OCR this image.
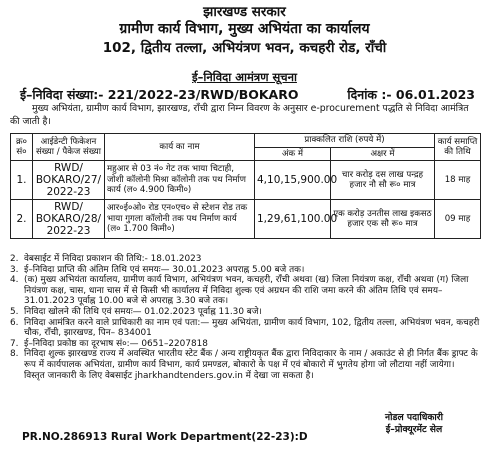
झारखण्ड सरकार
ग्रामीण कार्य विभाग, मुख्य अभियंता का कार्यालय
102, द्वितीय तल्ला, अभियंत्रण भवन, कचहरी रोड, राँची
ई–निविदा आमंत्रण सूचना
ई–निविदा संख्या:- 221/2022-23/RWD/BOKARO	दिनांक :- 06.01.2023
मुख्य अभियंता, ग्रामीण कार्य विभाग, झारखण्ड, राँची द्वारा निम्न विवरण के अनुसार e-procurement पद्धति से निविदा आमंत्रित की जाती है।
क्र० सं०	आईडेन्टी फिकेशन संख्या / पैकेज संख्या	कार्य का नाम	प्राक्कलित राशि (रुपये में)		कार्य समाप्ति की तिथि
			अंक में	अक्षर में	
1.	RWD/ BOKARO/27/ 2022-23	महुआर से 03 नं० गेट तक भाया चिटाही, जोशी कॉलोनी मिश्रा कॉलोनी तक पथ निर्माण कार्य (ल० 4.900 किमी०)	4,10,15,900.00	चार करोड़ दस लाख पन्द्रह हजार नौ सौ रू० मात्र	18 माह
2.	RWD/ BOKARO/28/ 2022-23	आर०ई०ओ० रोड एन०एच० से स्टेशन रोड तक भाया गुगला कॉलोनी तक पथ निर्माण कार्य (ल० 1.700 किमी०)	1,29,61,100.00	एक करोड़ उनतीस लाख इकसठ हजार एक सौ रू० मात्र	09 माह
2. वेबसाईट में निविदा प्रकाशन की तिथि:- 18.01.2023
3. ई–निविदा प्राप्ति की अंतिम तिथि एवं समयः— 30.01.2023 अपराह्न 5.00 बजे तक।
4. (क) मुख्य अभियंता कार्यालय, ग्रामीण कार्य विभाग, अभियंत्रण भवन, कचहरी, राँची अथवा (ख) जिला नियंत्रण कक्ष, राँची अथवा (ग) जिला नियंत्रण कक्ष, चास, धाना चास में से किसी भी कार्यालय में निविदा शुल्क एवं अग्रधन की राशि जमा करने की अंतिम तिथि एवं समय–31.01.2023 पूर्वाह्न 10.00 बजे से अपराह्न 3.30 बजे तक।
5. निविदा खोलने की तिथि एवं समयः— 01.02.2023 पूर्वाह्न 11.30 बजे।
6. निविदा आमंत्रित करने वाले प्राधिकारी का नाम एवं पता:— मुख्य अभियंता, ग्रामीण कार्य विभाग, 102, द्वितीय तल्ला, अभियंत्रण भवन, कचहरी चौक, राँची, झारखण्ड, पिन– 834001
7. ई–निविदा प्रकोष्ठ का दूरभाष सं०:— 0651–2207818
8. निविदा शुल्क झारखण्ड राज्य में अवस्थित भारतीय स्टेट बैंक / अन्य राष्ट्रीयकृत बैंक द्वारा निविदाकार के नाम / अकाउंट से ही निर्गत बैंक ड्राफ्ट के रूप में कार्यपालक अभियंता, ग्रामीण कार्य विभाग, कार्य प्रमण्डल, बोकारो के पक्ष में एवं बोकारो में भुगतेय होगा जो लौटाया नहीं जायेगा।
विस्तृत जानकारी के लिए वेबसाईट jharkhandtenders.gov.in में देखा जा सकता है।
नोडल पदाधिकारी
ई–प्रोक्यूरमेंट सेल
PR.NO.286913 Rural Work Department(22-23):D
